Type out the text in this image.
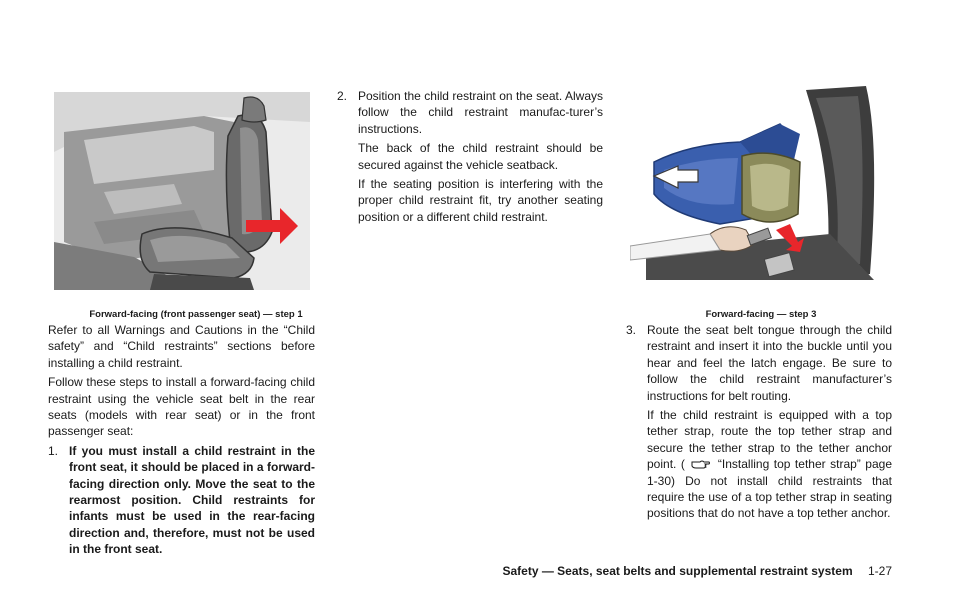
Forward-facing (front passenger seat) — step 1

Refer to all Warnings and Cautions in the “Child safety” and “Child restraints” sections before installing a child restraint.

Follow these steps to install a forward-facing child restraint using the vehicle seat belt in the rear seats (models with rear seat) or in the front passenger seat:

1. If you must install a child restraint in the front seat, it should be placed in a forward-facing direction only. Move the seat to the rearmost position. Child restraints for infants must be used in the rear-facing direction and, therefore, must not be used in the front seat.

2. Position the child restraint on the seat. Always follow the child restraint manufac-turer’s instructions.

The back of the child restraint should be secured against the vehicle seatback.

If the seating position is interfering with the proper child restraint fit, try another seating position or a different child restraint.

Forward-facing — step 3
3. Route the seat belt tongue through the child restraint and insert it into the buckle until you hear and feel the latch engage. Be sure to follow the child restraint manufacturer’s instructions for belt routing.

If the child restraint is equipped with a top tether strap, route the top tether strap and secure the tether strap to the tether anchor point. (	“Installing top tether strap” page 1-30) Do not install child restraints that require the use of a top tether strap in seating positions that do not have a top tether anchor.

Safety — Seats, seat belts and supplemental restraint system 1-27
